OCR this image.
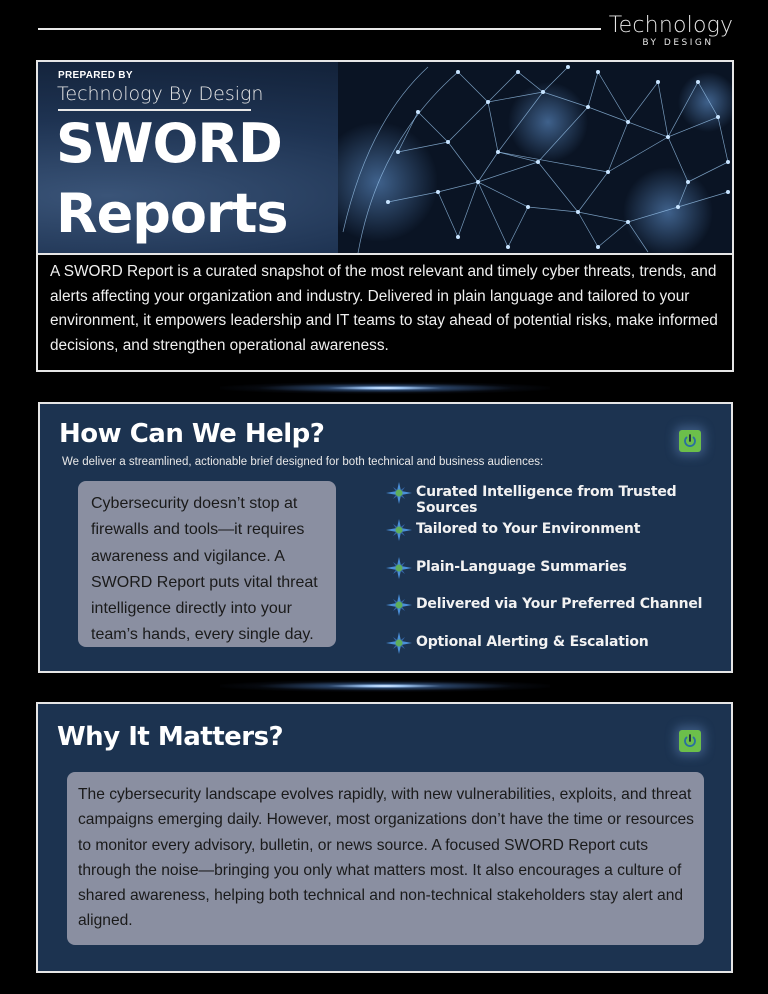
Technology
BY DESIGN
PREPARED BY
Technology By Design
SWORD
Reports
A SWORD Report is a curated snapshot of the most relevant and timely cyber threats, trends, and alerts affecting your organization and industry. Delivered in plain language and tailored to your environment, it empowers leadership and IT teams to stay ahead of potential risks, make informed decisions, and strengthen operational awareness.
How Can We Help?
We deliver a streamlined, actionable brief designed for both technical and business audiences:
Cybersecurity doesn’t stop at firewalls and tools—it requires awareness and vigilance. A SWORD Report puts vital threat intelligence directly into your team’s hands, every single day.
Curated Intelligence from Trusted Sources
Tailored to Your Environment
Plain-Language Summaries
Delivered via Your Preferred Channel
Optional Alerting & Escalation
Why It Matters?
The cybersecurity landscape evolves rapidly, with new vulnerabilities, exploits, and threat campaigns emerging daily. However, most organizations don’t have the time or resources to monitor every advisory, bulletin, or news source. A focused SWORD Report cuts through the noise—bringing you only what matters most. It also encourages a culture of shared awareness, helping both technical and non-technical stakeholders stay alert and aligned.
